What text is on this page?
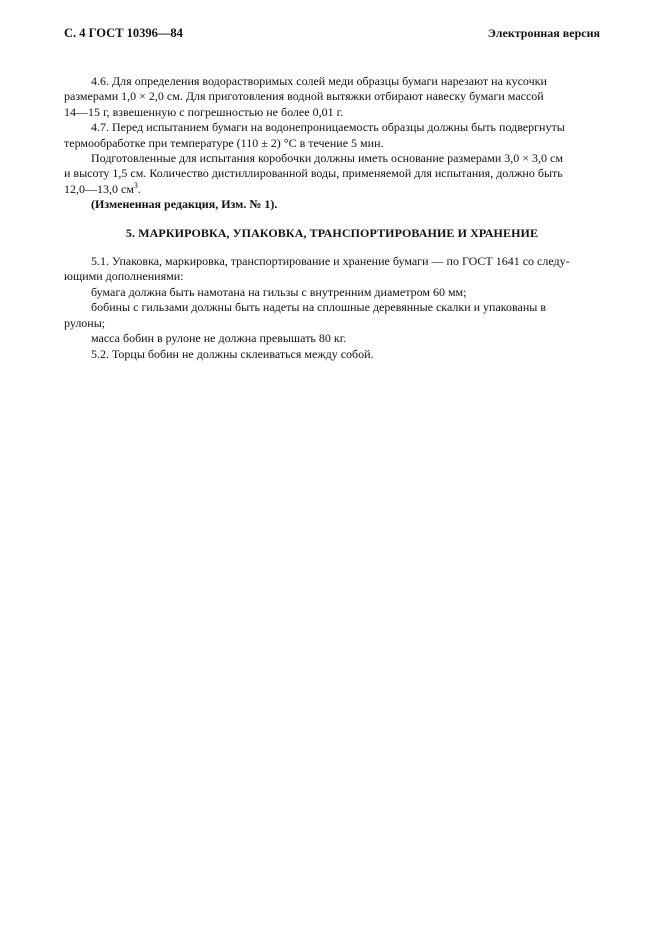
С. 4 ГОСТ 10396—84	Электронная версия

4.6. Для определения водорастворимых солей меди образцы бумаги нарезают на кусочки

размерами 1,0 × 2,0 см. Для приготовления водной вытяжки отбирают навеску бумаги массой

14—15 г, взвешенную с погрешностью не более 0,01 г.

4.7. Перед испытанием бумаги на водонепроницаемость образцы должны быть подвергнуты

термообработке при температуре (110 ± 2) °С в течение 5 мин.

Подготовленные для испытания коробочки должны иметь основание размерами 3,0 × 3,0 см

и высоту 1,5 см. Количество дистиллированной воды, применяемой для испытания, должно быть

12,0—13,0 $см^3$.

(Измененная редакция, Изм. № 1).

5. МАРКИРОВКА, УПАКОВКА, ТРАНСПОРТИРОВАНИЕ И ХРАНЕНИЕ

5.1. Упаковка, маркировка, транспортирование и хранение бумаги — по ГОСТ 1641 со следу-

ющими дополнениями:

бумага должна быть намотана на гильзы с внутренним диаметром 60 мм;

бобины с гильзами должны быть надеты на сплошные деревянные скалки и упакованы в

рулоны;

масса бобин в рулоне не должна превышать 80 кг.

5.2. Торцы бобин не должны склеиваться между собой.
